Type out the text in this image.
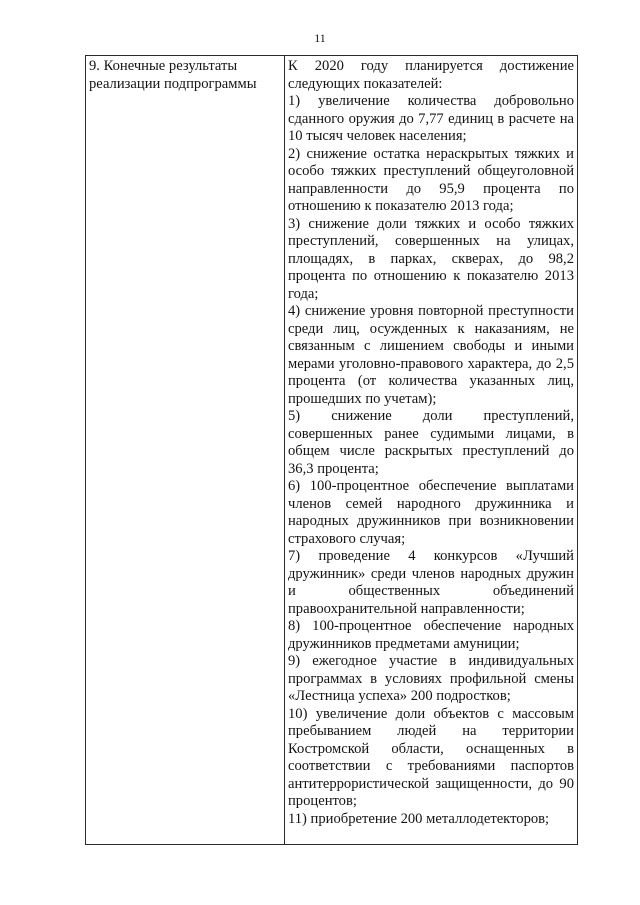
11

9. Конечные результаты реализации подпрограммы

К 2020 году планируется достижение следующих показателей:

1) увеличение количества добровольно сданного оружия до 7,77 единиц в расчете на 10 тысяч человек населения;

2) снижение остатка нераскрытых тяжких и особо тяжких преступлений общеуголовной направленности до 95,9 процента по отношению к показателю 2013 года;

3) снижение доли тяжких и особо тяжких преступлений, совершенных на улицах, площадях, в парках, скверах, до 98,2 процента по отношению к показателю 2013 года;

4) снижение уровня повторной преступности среди лиц, осужденных к наказаниям, не связанным с лишением свободы и иными мерами уголовно-правового характера, до 2,5 процента (от количества указанных лиц, прошедших по учетам);

5) снижение доли преступлений, совершенных ранее судимыми лицами, в общем числе раскрытых преступлений до 36,3 процента;

6) 100-процентное обеспечение выплатами членов семей народного дружинника и народных дружинников при возникновении страхового случая;

7) проведение 4 конкурсов «Лучший дружинник» среди членов народных дружин и общественных объединений правоохранительной направленности;

8) 100-процентное обеспечение народных дружинников предметами амуниции;

9) ежегодное участие в индивидуальных программах в условиях профильной смены «Лестница успеха» 200 подростков;

10) увеличение доли объектов с массовым пребыванием людей на территории Костромской области, оснащенных в соответствии с требованиями паспортов антитеррористической защищенности, до 90 процентов;

11) приобретение 200 металлодетекторов;
